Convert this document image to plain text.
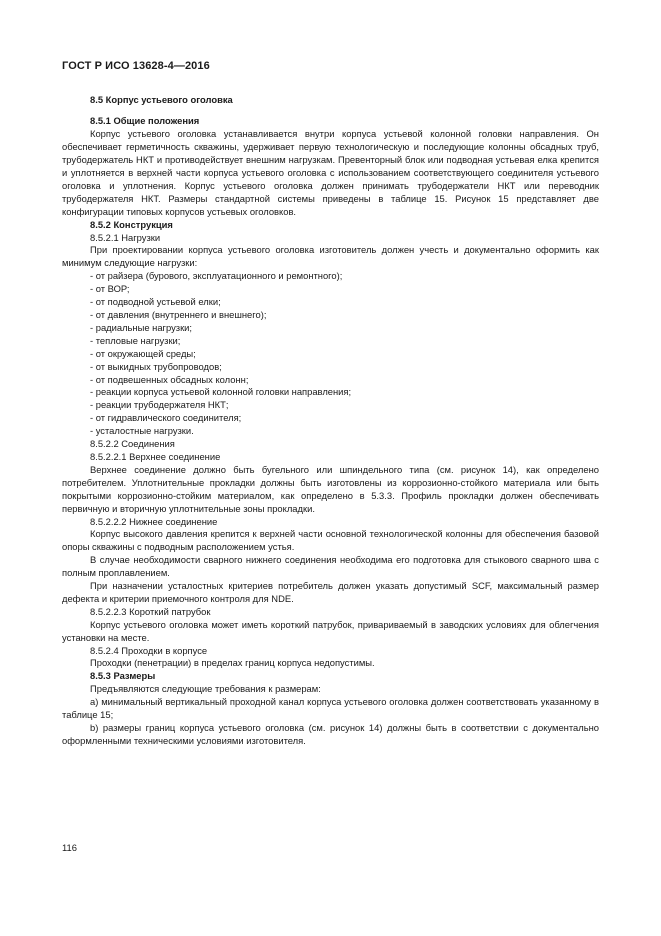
ГОСТ Р ИСО 13628-4—2016

8.5 Корпус устьевого оголовка

8.5.1 Общие положения

Корпус устьевого оголовка устанавливается внутри корпуса устьевой колонной головки направления. Он обеспечивает герметичность скважины, удерживает первую технологическую и последующие колонны обсадных труб, трубодержатель НКТ и противодействует внешним нагрузкам. Превенторный блок или подводная устьевая елка крепится и уплотняется в верхней части корпуса устьевого оголовка с использованием соответствующего соединителя устьевого оголовка и уплотнения. Корпус устьевого оголовка должен принимать трубодержатели НКТ или переводник трубодержателя НКТ. Размеры стандартной системы приведены в таблице 15. Рисунок 15 представляет две конфигурации типовых корпусов устьевых оголовков.

8.5.2 Конструкция

8.5.2.1 Нагрузки

При проектировании корпуса устьевого оголовка изготовитель должен учесть и документально оформить как минимум следующие нагрузки:

- от райзера (бурового, эксплуатационного и ремонтного);

- от ВОР;

- от подводной устьевой елки;

- от давления (внутреннего и внешнего);

- радиальные нагрузки;

- тепловые нагрузки;

- от окружающей среды;

- от выкидных трубопроводов;

- от подвешенных обсадных колонн;

- реакции корпуса устьевой колонной головки направления;

- реакции трубодержателя НКТ;

- от гидравлического соединителя;

- усталостные нагрузки.

8.5.2.2 Соединения

8.5.2.2.1 Верхнее соединение

Верхнее соединение должно быть бугельного или шпиндельного типа (см. рисунок 14), как определено потребителем. Уплотнительные прокладки должны быть изготовлены из коррозионно-стойкого материала или быть покрытыми коррозионно-стойким материалом, как определено в 5.3.3. Профиль прокладки должен обеспечивать первичную и вторичную уплотнительные зоны прокладки.

8.5.2.2.2 Нижнее соединение

Корпус высокого давления крепится к верхней части основной технологической колонны для обеспечения базовой опоры скважины с подводным расположением устья.

В случае необходимости сварного нижнего соединения необходима его подготовка для стыкового сварного шва с полным проплавлением.

При назначении усталостных критериев потребитель должен указать допустимый SCF, максимальный размер дефекта и критерии приемочного контроля для NDE.

8.5.2.2.3 Короткий патрубок

Корпус устьевого оголовка может иметь короткий патрубок, привариваемый в заводских условиях для облегчения установки на месте.

8.5.2.4 Проходки в корпусе

Проходки (пенетрации) в пределах границ корпуса недопустимы.

8.5.3 Размеры

Предъявляются следующие требования к размерам:

a) минимальный вертикальный проходной канал корпуса устьевого оголовка должен соответствовать указанному в таблице 15;

b) размеры границ корпуса устьевого оголовка (см. рисунок 14) должны быть в соответствии с документально оформленными техническими условиями изготовителя.

116
